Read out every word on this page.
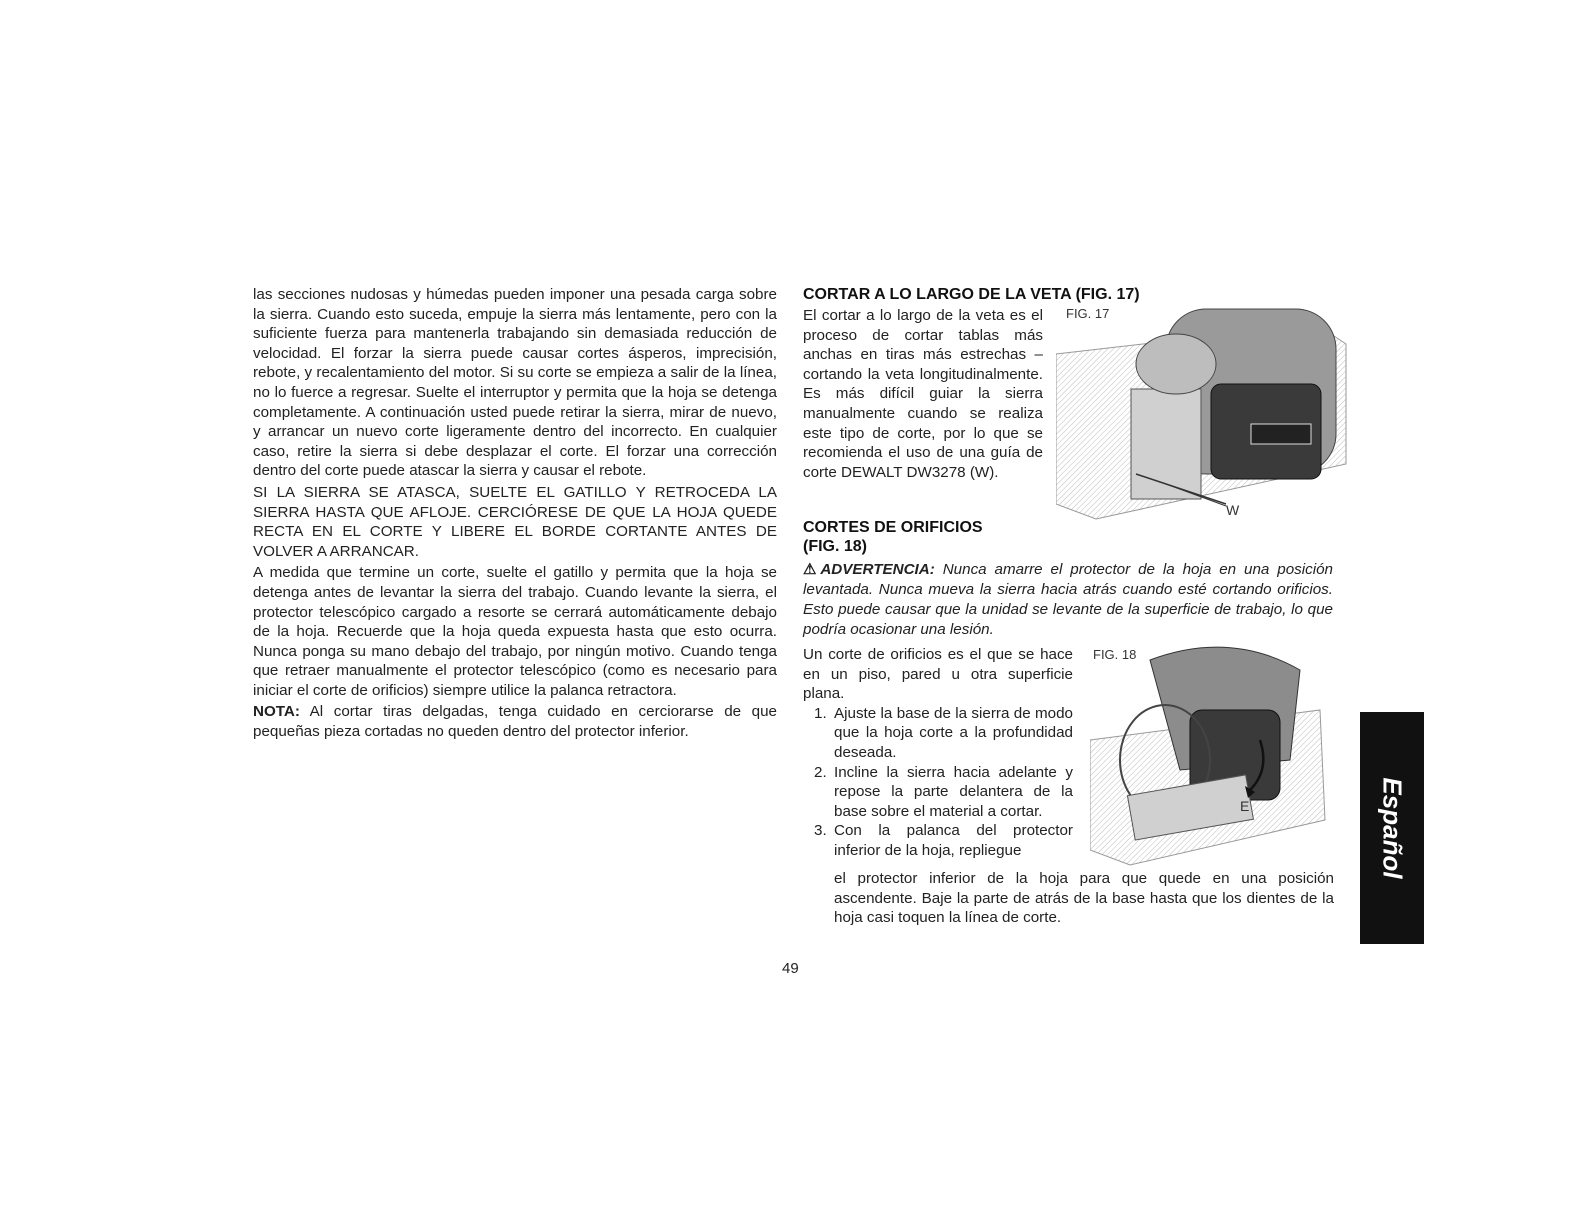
las secciones nudosas y húmedas pueden imponer una pesada carga sobre la sierra. Cuando esto suceda, empuje la sierra más lentamente, pero con la suficiente fuerza para mantenerla trabajando sin demasiada reducción de velocidad. El forzar la sierra puede causar cortes ásperos, imprecisión, rebote, y recalentamiento del motor. Si su corte se empieza a salir de la línea, no lo fuerce a regresar. Suelte el interruptor y permita que la hoja se detenga completamente. A continuación usted puede retirar la sierra, mirar de nuevo, y arrancar un nuevo corte ligeramente dentro del incorrecto. En cualquier caso, retire la sierra si debe desplazar el corte. El forzar una corrección dentro del corte puede atascar la sierra y causar el rebote.

SI LA SIERRA SE ATASCA, SUELTE EL GATILLO Y RETROCEDA LA SIERRA HASTA QUE AFLOJE. CERCIÓRESE DE QUE LA HOJA QUEDE RECTA EN EL CORTE Y LIBERE EL BORDE CORTANTE ANTES DE VOLVER A ARRANCAR.

A medida que termine un corte, suelte el gatillo y permita que la hoja se detenga antes de levantar la sierra del trabajo. Cuando levante la sierra, el protector telescópico cargado a resorte se cerrará automáticamente debajo de la hoja. Recuerde que la hoja queda expuesta hasta que esto ocurra. Nunca ponga su mano debajo del trabajo, por ningún motivo. Cuando tenga que retraer manualmente el protector telescópico (como es necesario para iniciar el corte de orificios) siempre utilice la palanca retractora.

NOTA: Al cortar tiras delgadas, tenga cuidado en cerciorarse de que pequeñas pieza cortadas no queden dentro del protector inferior.

CORTAR A LO LARGO DE LA VETA (FIG. 17)

El cortar a lo largo de la veta es el proceso de cortar tablas más anchas en tiras más estrechas – cortando la veta longitudinalmente. Es más difícil guiar la sierra manualmente cuando se realiza este tipo de corte, por lo que se recomienda el uso de una guía de corte DEWALT DW3278 (W).

FIG. 17
W
CORTES DE ORIFICIOS
(FIG. 18)
⚠ADVERTENCIA: Nunca amarre el protector de la hoja en una posición levantada. Nunca mueva la sierra hacia atrás cuando esté cortando orificios. Esto puede causar que la unidad se levante de la superficie de trabajo, lo que podría ocasionar una lesión.

Un corte de orificios es el que se hace en un piso, pared u otra superficie plana.

1. Ajuste la base de la sierra de modo que la hoja corte a la profundidad deseada.
2. Incline la sierra hacia adelante y repose la parte delantera de la base sobre el material a cortar.
3. Con la palanca del protector inferior de la hoja, repliegue

el protector inferior de la hoja para que quede en una posición ascendente. Baje la parte de atrás de la base hasta que los dientes de la hoja casi toquen la línea de corte.

FIG. 18
E	Español
49
